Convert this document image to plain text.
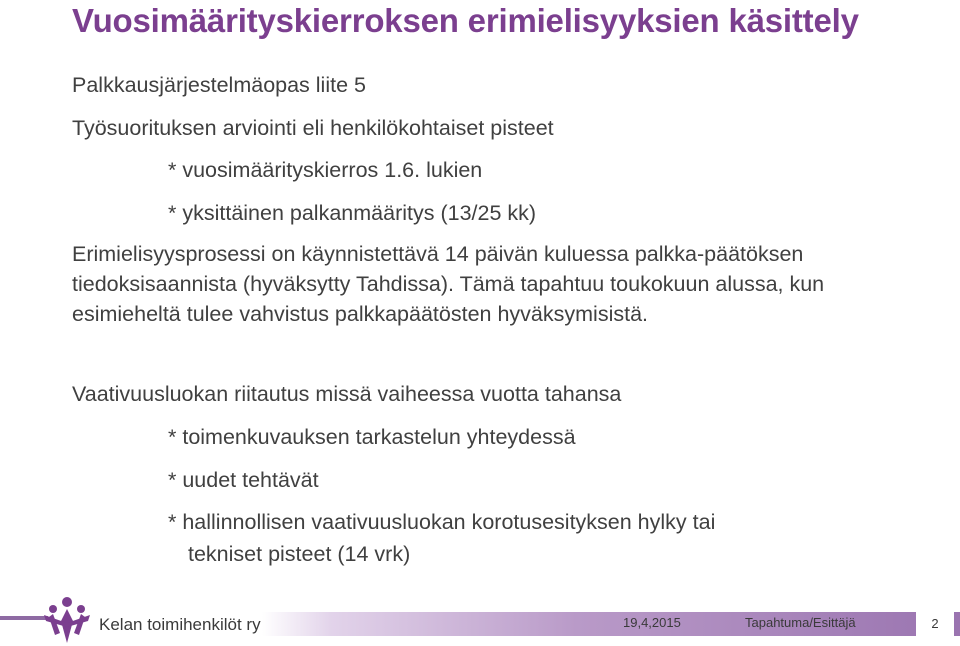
Vuosimääritysk​ierroksen erimielisyyksien käsittely
Palkkausjärjestelmäopas liite 5
Työsuorituksen arviointi eli henkilökohtaiset pisteet
* vuosimäärityskierros 1.6. lukien
* yksittäinen palkanmääritys (13/25 kk)
Erimielisyysprosessi on käynnistettävä 14 päivän kuluessa palkka-päätöksen tiedoksisaannista (hyväksytty Tahdissa). Tämä tapahtuu toukokuun alussa, kun esimieheltä tulee vahvistus palkkapäätösten hyväksymisistä.
Vaativuusluokan riitautus missä vaiheessa vuotta tahansa
* toimenkuvauksen tarkastelun yhteydessä
* uudet tehtävät
* hallinnollisen vaativuusluokan korotusesityksen hylky tai
tekniset pisteet (14 vrk)
Kelan toimihenkilöt ry	19,4,2015	Tapahtuma/Esittäjä	2
